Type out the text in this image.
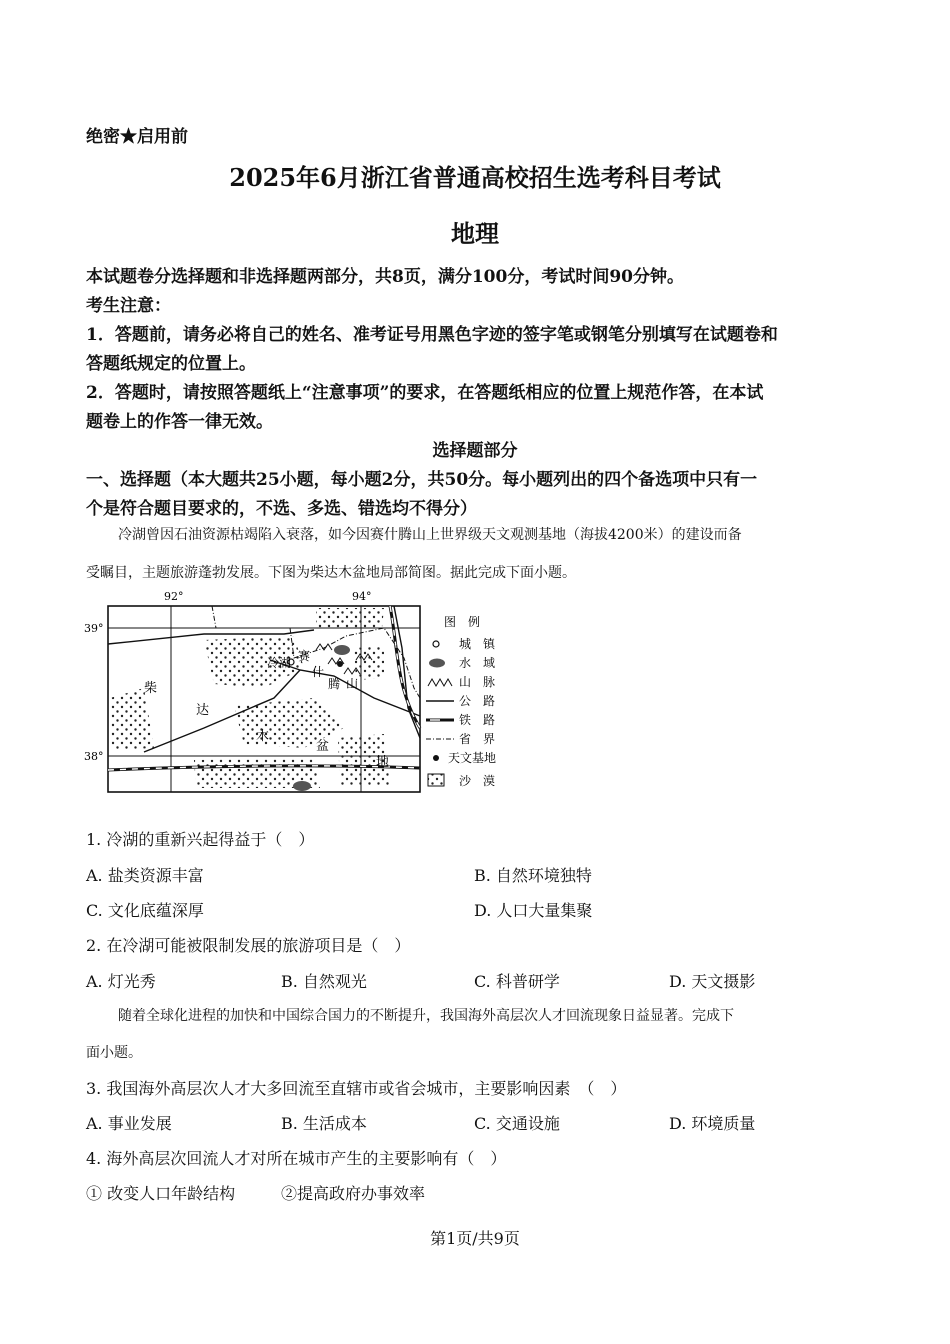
绝密★启用前
2025年6月浙江省普通高校招生选考科目考试
地理
本试题卷分选择题和非选择题两部分，共8页，满分100分，考试时间90分钟。
考生注意：
1．答题前，请务必将自己的姓名、准考证号用黑色字迹的签字笔或钢笔分别填写在试题卷和
答题纸规定的位置上。
2．答题时，请按照答题纸上“注意事项”的要求，在答题纸相应的位置上规范作答，在本试
题卷上的作答一律无效。
选择题部分
一、选择题（本大题共25小题，每小题2分，共50分。每小题列出的四个备选项中只有一
个是符合题目要求的，不选、多选、错选均不得分）
冷湖曾因石油资源枯竭陷入衰落，如今因赛什腾山上世界级天文观测基地（海拔4200米）的建设而备
受瞩目，主题旅游蓬勃发展。下图为柴达木盆地局部简图。据此完成下面小题。
92°	94°
39°
38°
冷湖 赛
什
腾 山
柴
达
木
盆
地
图　例
城　镇
水　域
山　脉
公　路
铁　路
省　界
天文基地
沙　漠
1. 冷湖的重新兴起得益于（　）
A. 盐类资源丰富	B. 自然环境独特
C. 文化底蕴深厚	D. 人口大量集聚
2. 在冷湖可能被限制发展的旅游项目是（　）
A. 灯光秀	B. 自然观光	C. 科普研学	D. 天文摄影
随着全球化进程的加快和中国综合国力的不断提升，我国海外高层次人才回流现象日益显著。完成下
面小题。
3. 我国海外高层次人才大多回流至直辖市或省会城市，主要影响因素　（　）
A. 事业发展	B. 生活成本	C. 交通设施	D. 环境质量
4. 海外高层次回流人才对所在城市产生的主要影响有（　）
① 改变人口年龄结构	②提高政府办事效率
第1页/共9页
